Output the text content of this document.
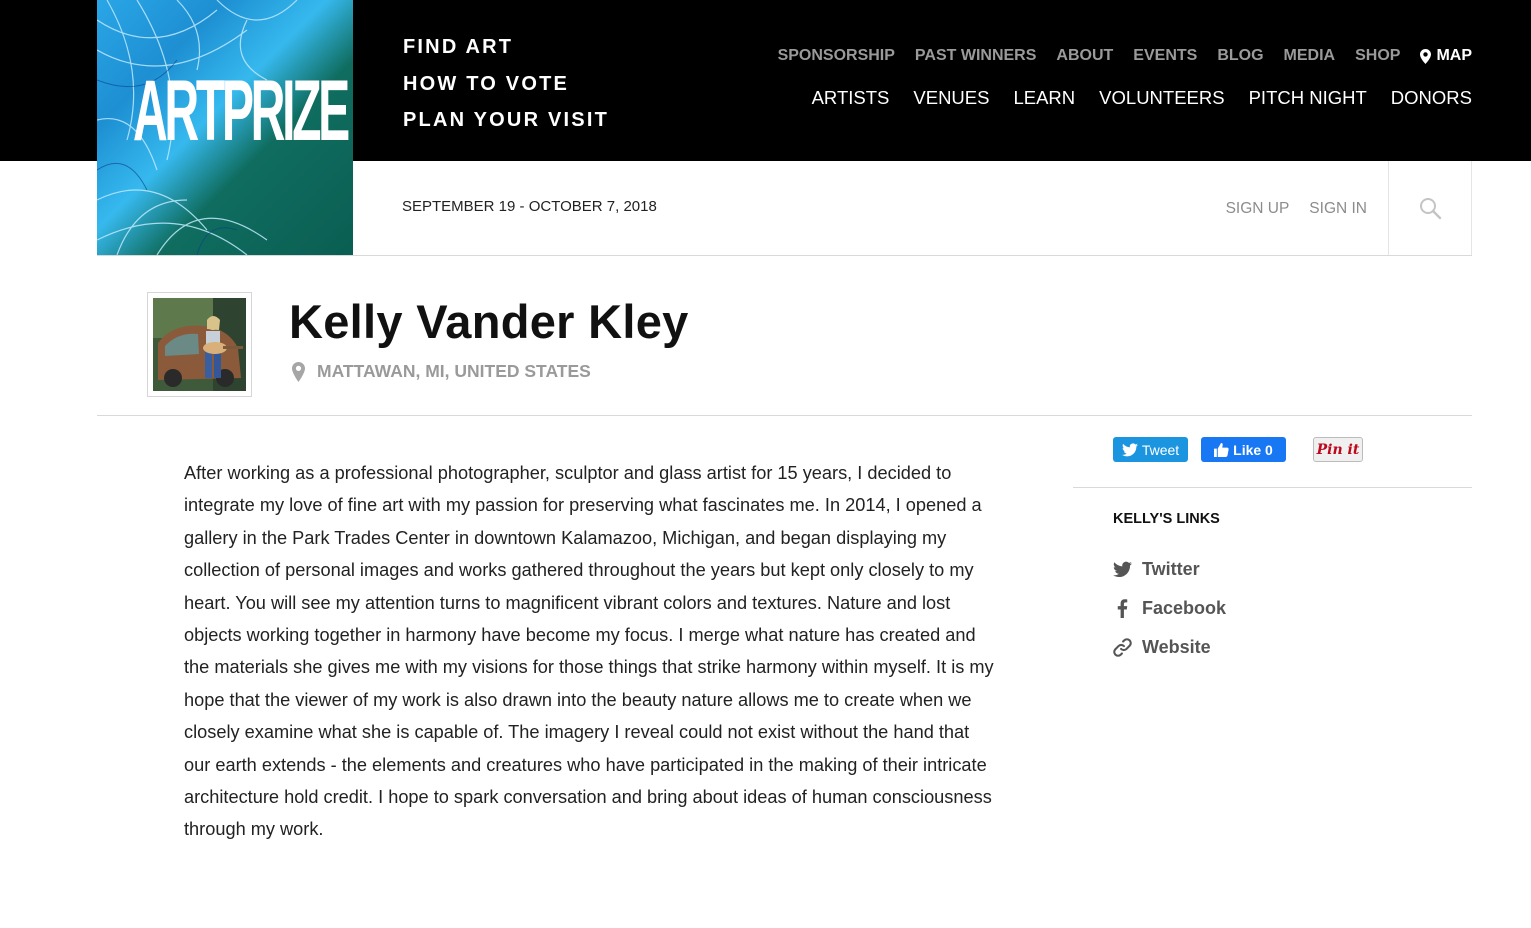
ARTPRIZE
FIND ART
HOW TO VOTE
PLAN YOUR VISIT
SPONSORSHIP PAST WINNERS ABOUT EVENTS BLOG MEDIA SHOP MAP
ARTISTS VENUES LEARN VOLUNTEERS PITCH NIGHT DONORS
SEPTEMBER 19 - OCTOBER 7, 2018	SIGN UP SIGN IN
Kelly Vander Kley
MATTAWAN, MI, UNITED STATES

After working as a professional photographer, sculptor and glass artist for 15 years, I decided to integrate my love of fine art with my passion for preserving what fascinates me. In 2014, I opened a gallery in the Park Trades Center in downtown Kalamazoo, Michigan, and began displaying my collection of personal images and works gathered throughout the years but kept only closely to my heart. You will see my attention turns to magnificent vibrant colors and textures. Nature and lost objects working together in harmony have become my focus. I merge what nature has created and the materials she gives me with my visions for those things that strike harmony within myself. It is my hope that the viewer of my work is also drawn into the beauty nature allows me to create when we closely examine what she is capable of. The imagery I reveal could not exist without the hand that our earth extends - the elements and creatures who have participated in the making of their intricate architecture hold credit. I hope to spark conversation and bring about ideas of human consciousness through my work.

Tweet	Like 0	Pin it
KELLY'S LINKS
Twitter
Facebook
Website
